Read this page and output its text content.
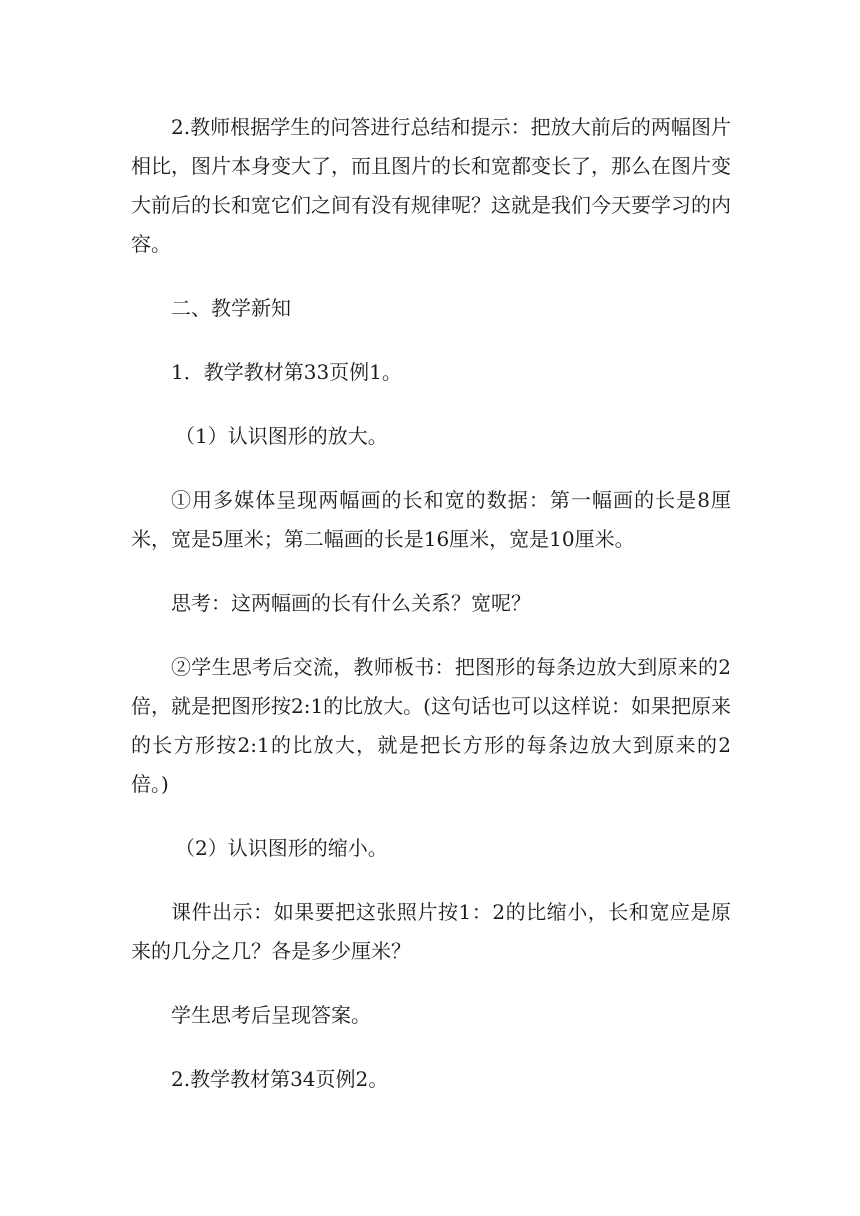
2.教师根据学生的问答进行总结和提示：把放大前后的两幅图片相比，图片本身变大了，而且图片的长和宽都变长了，那么在图片变大前后的长和宽它们之间有没有规律呢？这就是我们今天要学习的内容。

二、教学新知

1．教学教材第33页例1。

（1）认识图形的放大。

①用多媒体呈现两幅画的长和宽的数据：第一幅画的长是8厘米，宽是5厘米；第二幅画的长是16厘米，宽是10厘米。

思考：这两幅画的长有什么关系？宽呢？

②学生思考后交流，教师板书：把图形的每条边放大到原来的2倍，就是把图形按2:1的比放大。(这句话也可以这样说：如果把原来的长方形按2:1的比放大，就是把长方形的每条边放大到原来的2倍。)

（2）认识图形的缩小。

课件出示：如果要把这张照片按1：2的比缩小，长和宽应是原来的几分之几？各是多少厘米？

学生思考后呈现答案。

2.教学教材第34页例2。
